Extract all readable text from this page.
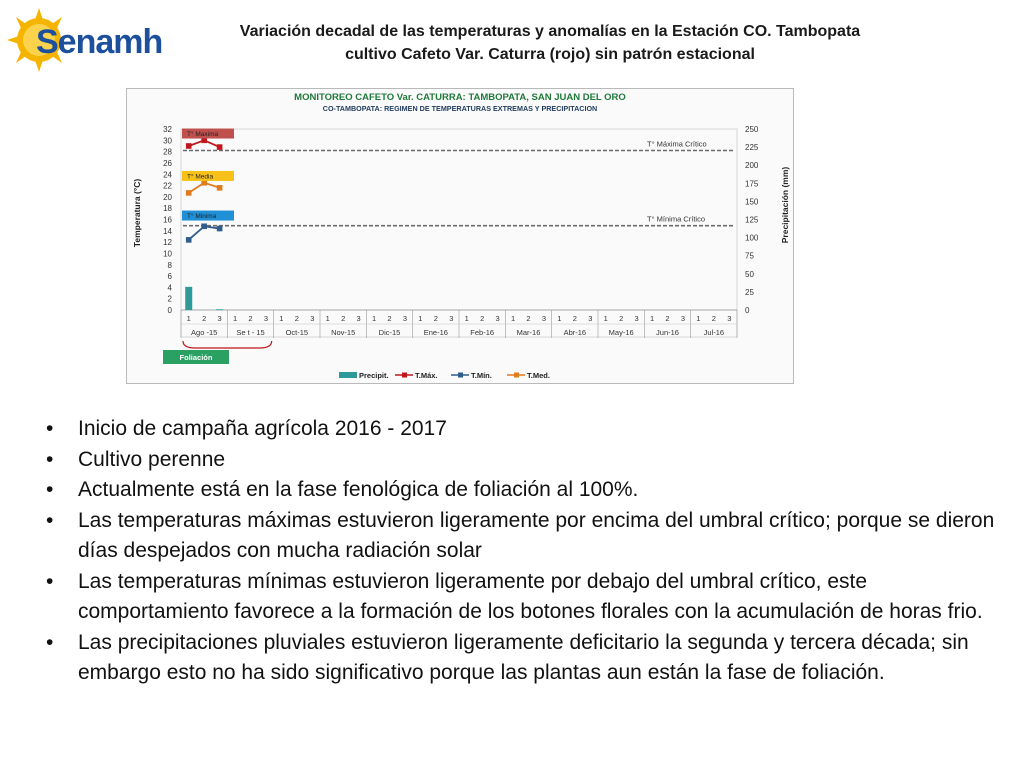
Senamhi	Variación decadal de las temperaturas y anomalías en la Estación CO. Tambopata
cultivo Cafeto Var. Caturra (rojo) sin patrón estacional
MONITOREO CAFETO Var. CATURRA: TAMBOPATA, SAN JUAN DEL ORO
CO-TAMBOPATA: REGIMEN DE TEMPERATURAS EXTREMAS Y PRECIPITACION
Temperatura (°C)	Precipitación (mm)
0
2
4
6
8
10
12
14
16
18
20
22
24
26
28
30
32
0
25
50
75
100
125
150
175
200
225
250
1 2 3 1 2 3 1 2 3 1 2 3 1 2 3 1 2 3 1 2 3 1 2 3 1 2 3 1 2 3 1 2 3 1 2 3
Ago -15	Se t - 15	Oct-15	Nov-15	Dic-15	Ene-16	Feb-16	Mar-16	Abr-16	May-16	Jun-16	Jul-16
T° Máxima Crítico
T° Mínima Crítico
T° Maxima
T° Media
T° Minima
Foliación
Precipit.	T.Máx.	T.Mín.	T.Med.
• Inicio de campaña agrícola 2016 - 2017
• Cultivo perenne
• Actualmente está en la fase fenológica de foliación al 100%.
• Las temperaturas máximas estuvieron ligeramente por encima del umbral crítico; porque se dieron días despejados con mucha radiación solar
• Las temperaturas mínimas estuvieron ligeramente por debajo del umbral crítico, este comportamiento favorece a la formación de los botones florales con la acumulación de horas frio.
• Las precipitaciones pluviales estuvieron ligeramente deficitario la segunda y tercera década; sin embargo esto no ha sido significativo porque las plantas aun están la fase de foliación.
